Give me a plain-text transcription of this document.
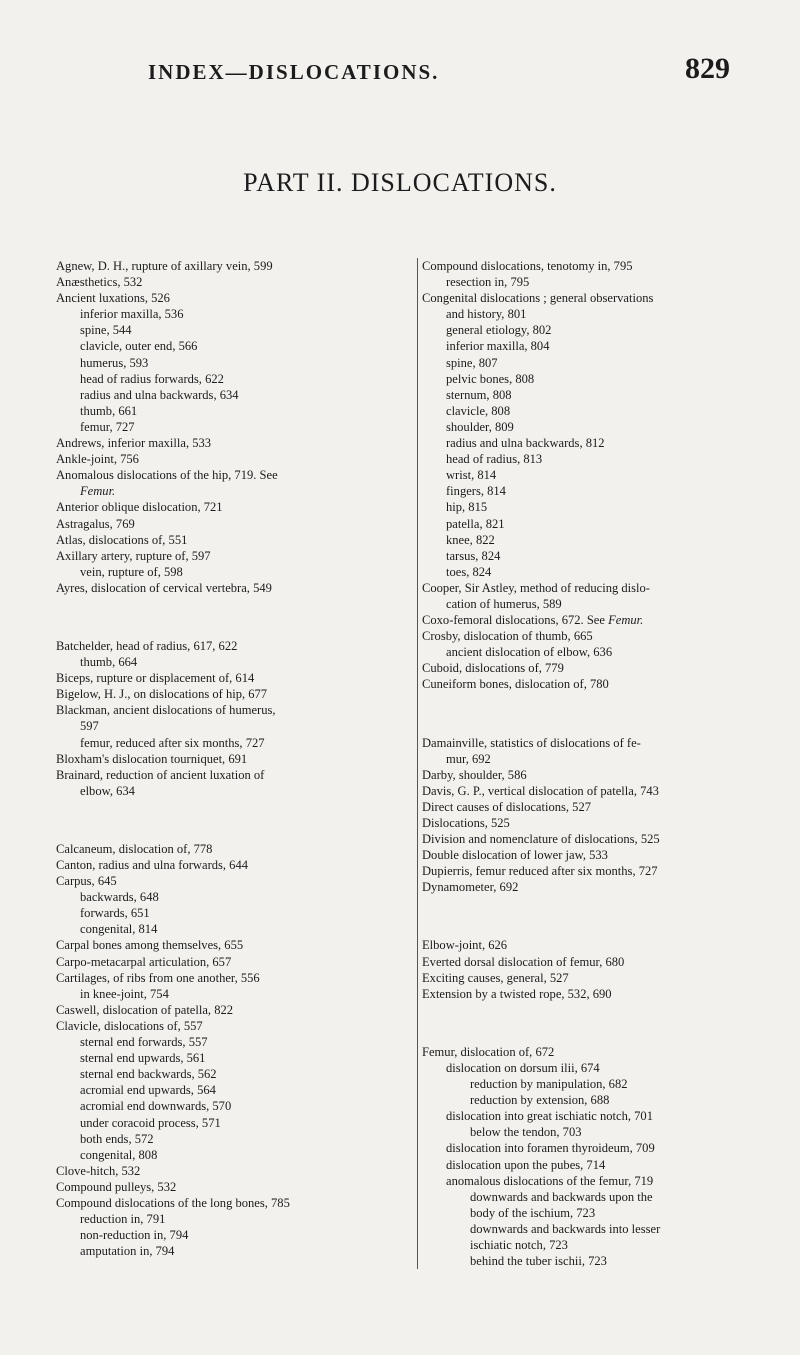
INDEX—DISLOCATIONS.	829
PART II. DISLOCATIONS.
Agnew, D. H., rupture of axillary vein, 599
Anæsthetics, 532
Ancient luxations, 526
inferior maxilla, 536
spine, 544
clavicle, outer end, 566
humerus, 593
head of radius forwards, 622
radius and ulna backwards, 634
thumb, 661
femur, 727
Andrews, inferior maxilla, 533
Ankle-joint, 756
Anomalous dislocations of the hip, 719. See
Femur.
Anterior oblique dislocation, 721
Astragalus, 769
Atlas, dislocations of, 551
Axillary artery, rupture of, 597
vein, rupture of, 598
Ayres, dislocation of cervical vertebra, 549
Batchelder, head of radius, 617, 622
thumb, 664
Biceps, rupture or displacement of, 614
Bigelow, H. J., on dislocations of hip, 677
Blackman, ancient dislocations of humerus,
597
femur, reduced after six months, 727
Bloxham's dislocation tourniquet, 691
Brainard, reduction of ancient luxation of
elbow, 634
Calcaneum, dislocation of, 778
Canton, radius and ulna forwards, 644
Carpus, 645
backwards, 648
forwards, 651
congenital, 814
Carpal bones among themselves, 655
Carpo-metacarpal articulation, 657
Cartilages, of ribs from one another, 556
in knee-joint, 754
Caswell, dislocation of patella, 822
Clavicle, dislocations of, 557
sternal end forwards, 557
sternal end upwards, 561
sternal end backwards, 562
acromial end upwards, 564
acromial end downwards, 570
under coracoid process, 571
both ends, 572
congenital, 808
Clove-hitch, 532
Compound pulleys, 532
Compound dislocations of the long bones, 785
reduction in, 791
non-reduction in, 794
amputation in, 794
Compound dislocations, tenotomy in, 795
resection in, 795
Congenital dislocations ; general observations
and history, 801
general etiology, 802
inferior maxilla, 804
spine, 807
pelvic bones, 808
sternum, 808
clavicle, 808
shoulder, 809
radius and ulna backwards, 812
head of radius, 813
wrist, 814
fingers, 814
hip, 815
patella, 821
knee, 822
tarsus, 824
toes, 824
Cooper, Sir Astley, method of reducing dislo-
cation of humerus, 589
Coxo-femoral dislocations, 672. See Femur.
Crosby, dislocation of thumb, 665
ancient dislocation of elbow, 636
Cuboid, dislocations of, 779
Cuneiform bones, dislocation of, 780
Damainville, statistics of dislocations of fe-
mur, 692
Darby, shoulder, 586
Davis, G. P., vertical dislocation of patella, 743
Direct causes of dislocations, 527
Dislocations, 525
Division and nomenclature of dislocations, 525
Double dislocation of lower jaw, 533
Dupierris, femur reduced after six months, 727
Dynamometer, 692
Elbow-joint, 626
Everted dorsal dislocation of femur, 680
Exciting causes, general, 527
Extension by a twisted rope, 532, 690
Femur, dislocation of, 672
dislocation on dorsum ilii, 674
reduction by manipulation, 682
reduction by extension, 688
dislocation into great ischiatic notch, 701
below the tendon, 703
dislocation into foramen thyroideum, 709
dislocation upon the pubes, 714
anomalous dislocations of the femur, 719
downwards and backwards upon the
body of the ischium, 723
downwards and backwards into lesser
ischiatic notch, 723
behind the tuber ischii, 723
